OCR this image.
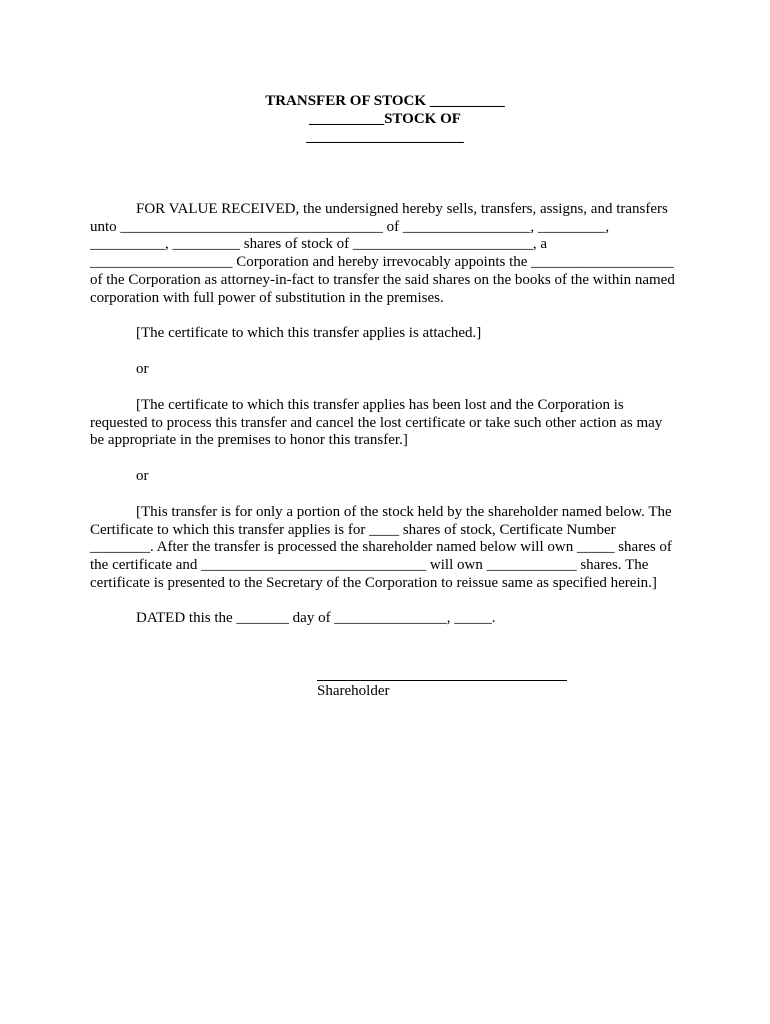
TRANSFER OF STOCK __________
__________STOCK OF
_____________________
FOR VALUE RECEIVED, the undersigned hereby sells, transfers, assigns, and transfers
unto ___________________________________ of _________________, _________,
__________, _________ shares of stock of ________________________, a
___________________ Corporation and hereby irrevocably appoints the ___________________
of the Corporation as attorney-in-fact to transfer the said shares on the books of the within named
corporation with full power of substitution in the premises.
[The certificate to which this transfer applies is attached.]
or
[The certificate to which this transfer applies has been lost and the Corporation is
requested to process this transfer and cancel the lost certificate or take such other action as may
be appropriate in the premises to honor this transfer.]
or
[This transfer is for only a portion of the stock held by the shareholder named below. The
Certificate to which this transfer applies is for ____ shares of stock, Certificate Number
________. After the transfer is processed the shareholder named below will own _____ shares of
the certificate and ______________________________ will own ____________ shares. The
certificate is presented to the Secretary of the Corporation to reissue same as specified herein.]
DATED this the _______ day of _______________, _____.
Shareholder
